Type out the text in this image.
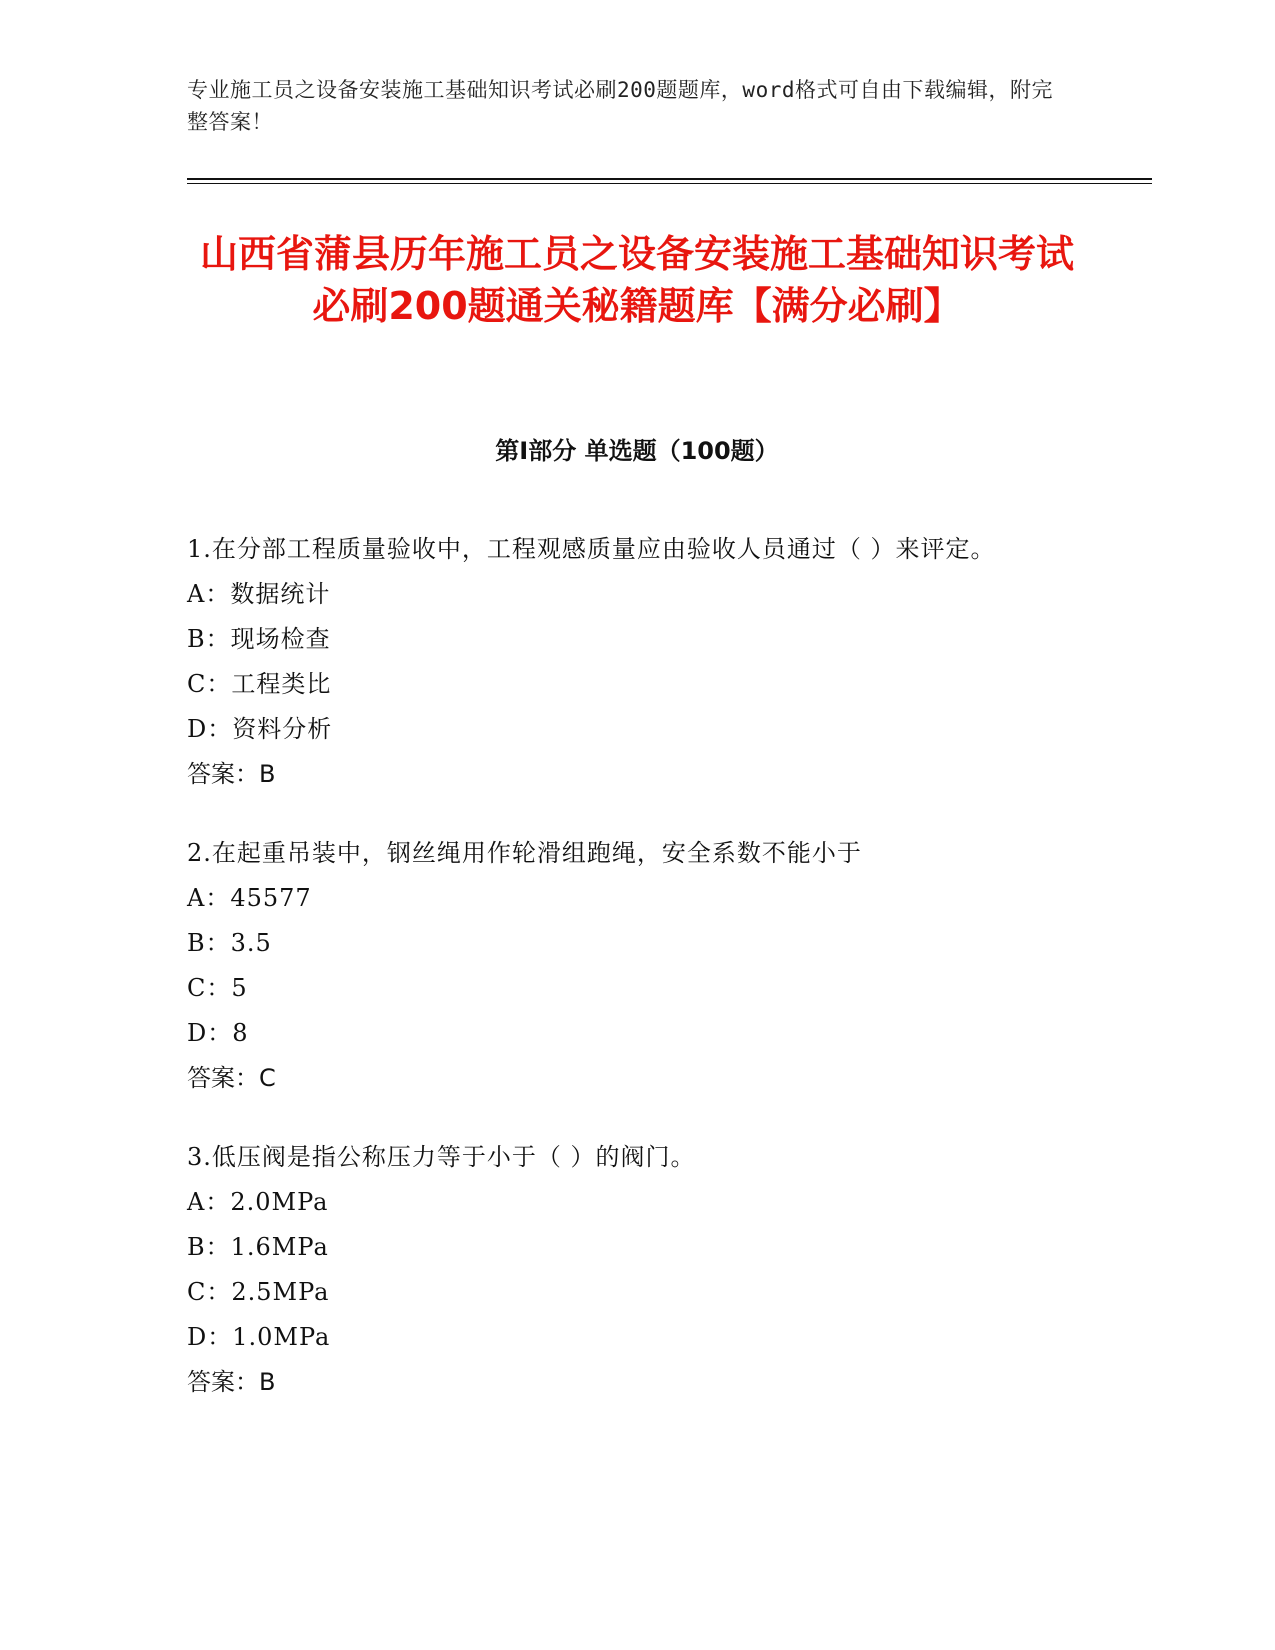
专业施工员之设备安装施工基础知识考试必刷200题题库，word格式可自由下载编辑，附完整答案！
山西省蒲县历年施工员之设备安装施工基础知识考试必刷200题通关秘籍题库【满分必刷】
第Ⅰ部分 单选题（100题）
1.在分部工程质量验收中，工程观感质量应由验收人员通过（ ）来评定。
A：数据统计
B：现场检查
C：工程类比
D：资料分析
答案：B
2.在起重吊装中，钢丝绳用作轮滑组跑绳，安全系数不能小于
A：45577
B：3.5
C：5
D：8
答案：C
3.低压阀是指公称压力等于小于（ ）的阀门。
A：2.0MPa
B：1.6MPa
C：2.5MPa
D：1.0MPa
答案：B
